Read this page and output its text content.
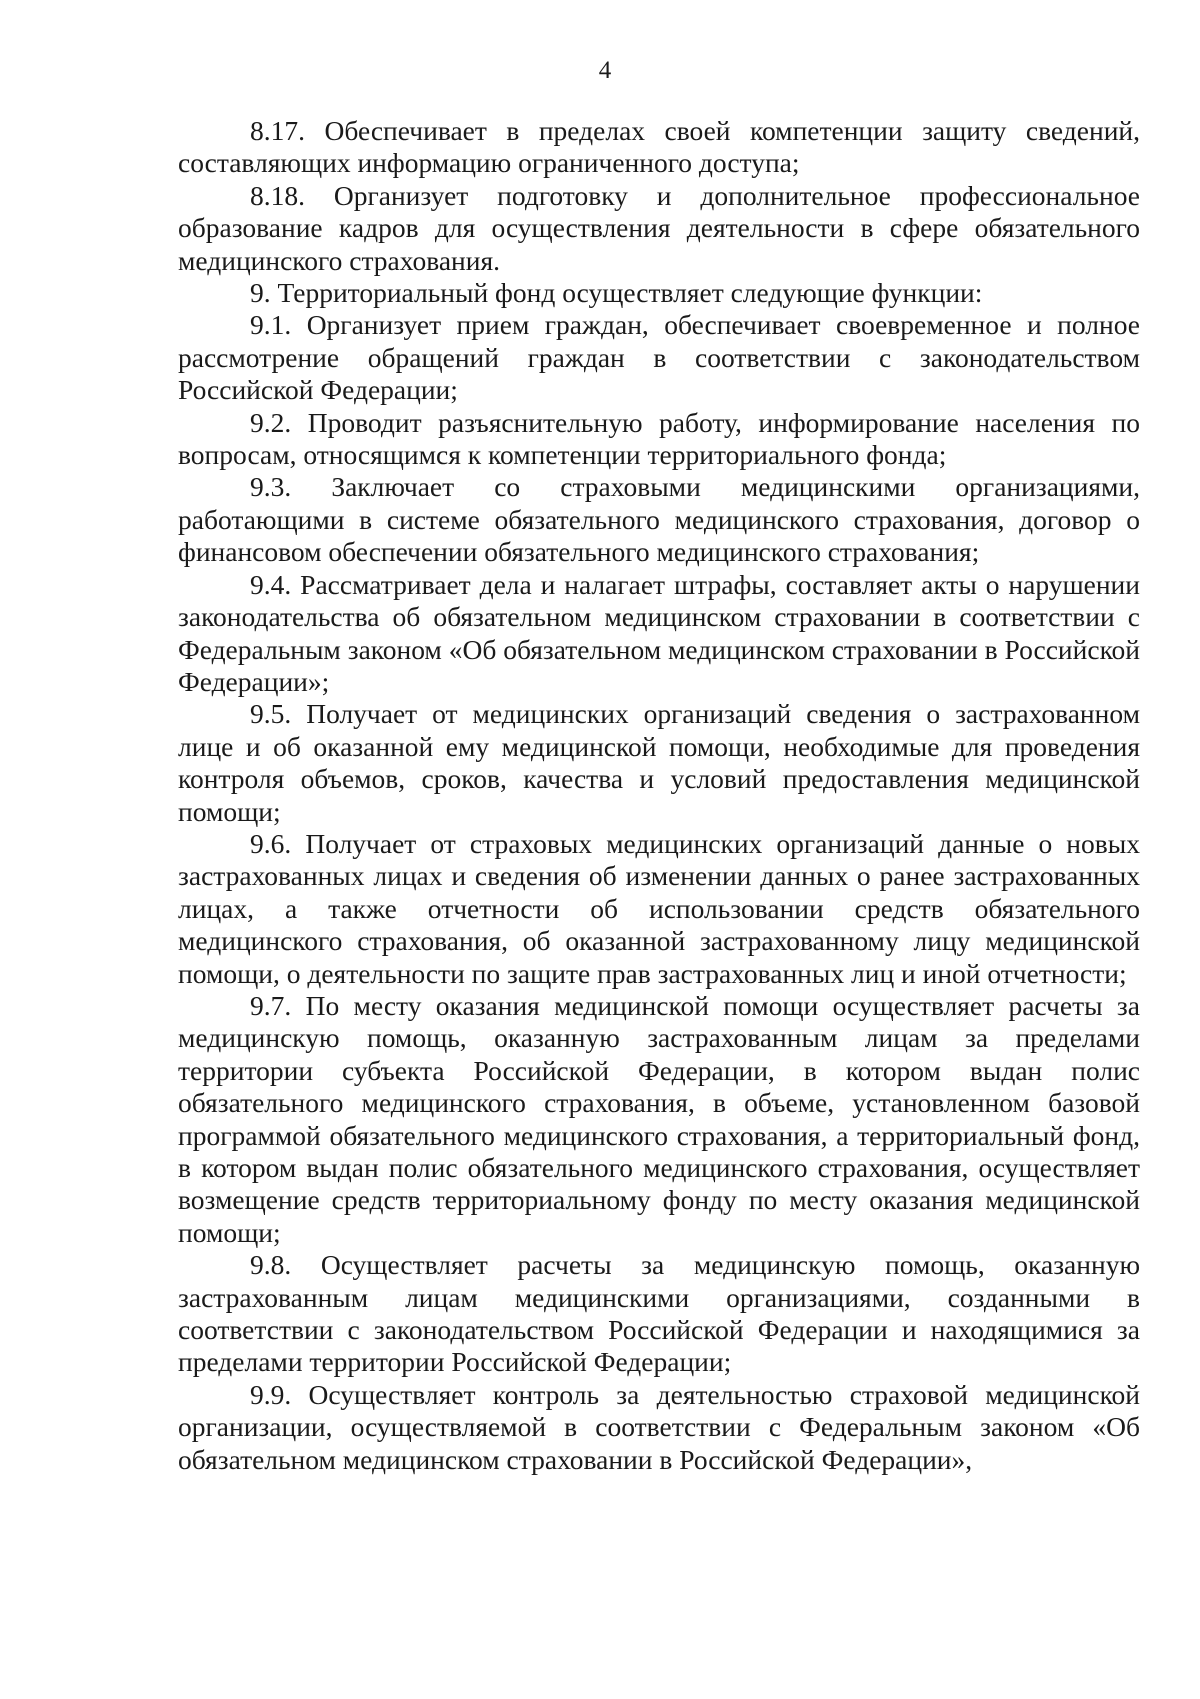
4

8.17. Обеспечивает в пределах своей компетенции защиту сведений, составляющих информацию ограниченного доступа;

8.18. Организует подготовку и дополнительное профессиональное образование кадров для осуществления деятельности в сфере обязательного медицинского страхования.

9. Территориальный фонд осуществляет следующие функции:

9.1. Организует прием граждан, обеспечивает своевременное и полное рассмотрение обращений граждан в соответствии с законодательством Российской Федерации;

9.2. Проводит разъяснительную работу, информирование населения по вопросам, относящимся к компетенции территориального фонда;

9.3. Заключает со страховыми медицинскими организациями, работающими в системе обязательного медицинского страхования, договор о финансовом обеспечении обязательного медицинского страхования;

9.4. Рассматривает дела и налагает штрафы, составляет акты о нарушении законодательства об обязательном медицинском страховании в соответствии с Федеральным законом «Об обязательном медицинском страховании в Российской Федерации»;

9.5. Получает от медицинских организаций сведения о застрахованном лице и об оказанной ему медицинской помощи, необходимые для проведения контроля объемов, сроков, качества и условий предоставления медицинской помощи;

9.6. Получает от страховых медицинских организаций данные о новых застрахованных лицах и сведения об изменении данных о ранее застрахованных лицах, а также отчетности об использовании средств обязательного медицинского страхования, об оказанной застрахованному лицу медицинской помощи, о деятельности по защите прав застрахованных лиц и иной отчетности;

9.7. По месту оказания медицинской помощи осуществляет расчеты за медицинскую помощь, оказанную застрахованным лицам за пределами территории субъекта Российской Федерации, в котором выдан полис обязательного медицинского страхования, в объеме, установленном базовой программой обязательного медицинского страхования, а территориальный фонд, в котором выдан полис обязательного медицинского страхования, осуществляет возмещение средств территориальному фонду по месту оказания медицинской помощи;

9.8. Осуществляет расчеты за медицинскую помощь, оказанную застрахованным лицам медицинскими организациями, созданными в соответствии с законодательством Российской Федерации и находящимися за пределами территории Российской Федерации;

9.9. Осуществляет контроль за деятельностью страховой медицинской организации, осуществляемой в соответствии с Федеральным законом «Об обязательном медицинском страховании в Российской Федерации»,
